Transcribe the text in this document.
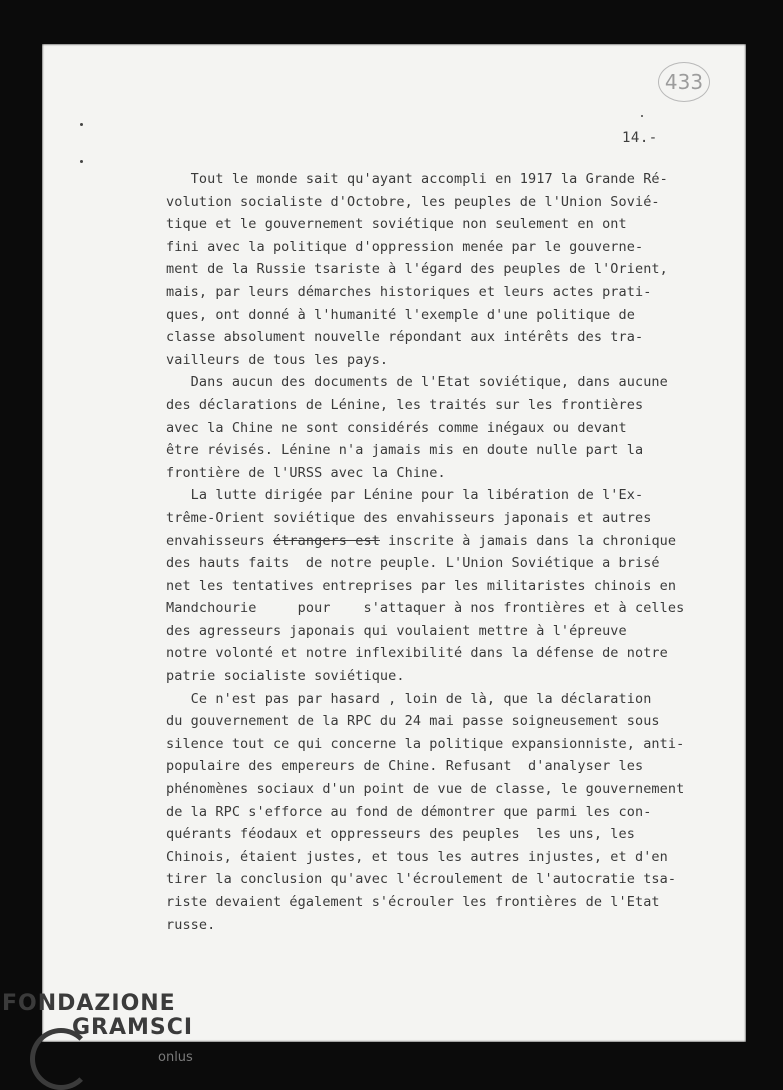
433
14.-
Tout le monde sait qu'ayant accompli en 1917 la Grande Ré-
volution socialiste d'Octobre, les peuples de l'Union Sovié-
tique et le gouvernement soviétique non seulement en ont
fini avec la politique d'oppression menée par le gouverne-
ment de la Russie tsariste à l'égard des peuples de l'Orient,
mais, par leurs démarches historiques et leurs actes prati-
ques, ont donné à l'humanité l'exemple d'une politique de
classe absolument nouvelle répondant aux intérêts des tra-
vailleurs de tous les pays.
Dans aucun des documents de l'Etat soviétique, dans aucune
des déclarations de Lénine, les traités sur les frontières
avec la Chine ne sont considérés comme inégaux ou devant
être révisés. Lénine n'a jamais mis en doute nulle part la
frontière de l'URSS avec la Chine.
La lutte dirigée par Lénine pour la libération de l'Ex-
trême-Orient soviétique des envahisseurs japonais et autres
envahisseurs étrangers est inscrite à jamais dans la chronique
des hauts faits  de notre peuple. L'Union Soviétique a brisé
net les tentatives entreprises par les militaristes chinois en
Mandchourie     pour    s'attaquer à nos frontières et à celles
des agresseurs japonais qui voulaient mettre à l'épreuve
notre volonté et notre inflexibilité dans la défense de notre
patrie socialiste soviétique.
Ce n'est pas par hasard , loin de là, que la déclaration
du gouvernement de la RPC du 24 mai passe soigneusement sous
silence tout ce qui concerne la politique expansionniste, anti-
populaire des empereurs de Chine. Refusant  d'analyser les
phénomènes sociaux d'un point de vue de classe, le gouvernement
de la RPC s'efforce au fond de démontrer que parmi les con-
quérants féodaux et oppresseurs des peuples  les uns, les
Chinois, étaient justes, et tous les autres injustes, et d'en
tirer la conclusion qu'avec l'écroulement de l'autocratie tsa-
riste devaient également s'écrouler les frontières de l'Etat
russe.
FONDAZIONE
GRAMSCI
onlus
